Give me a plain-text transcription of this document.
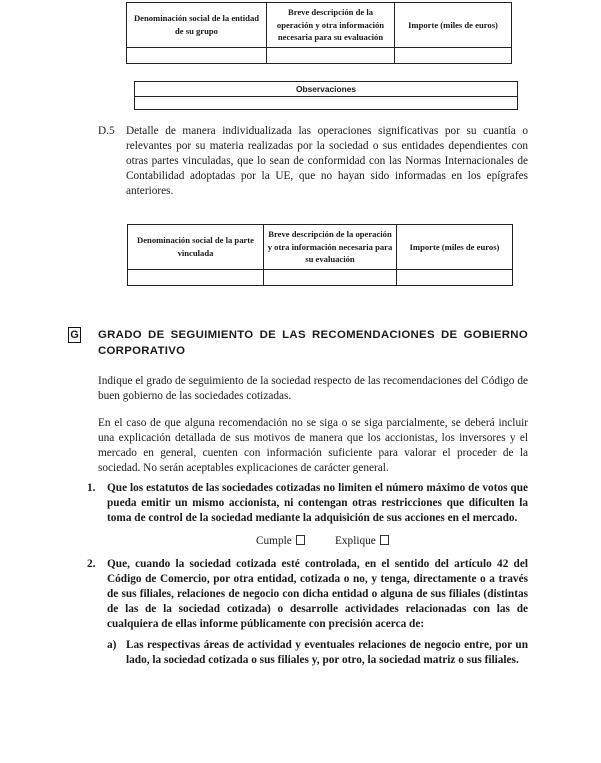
Denominación social de la entidad de su grupo	Breve descripción de la operación y otra información necesaria para su evaluación	Importe (miles de euros)

Observaciones

D.5 Detalle de manera individualizada las operaciones significativas por su cuantía o relevantes por su materia realizadas por la sociedad o sus entidades dependientes con otras partes vinculadas, que lo sean de conformidad con las Normas Internacionales de Contabilidad adoptadas por la UE, que no hayan sido informadas en los epígrafes anteriores.
Denominación social de la parte vinculada	Breve descripción de la operación y otra información necesaria para su evaluación	Importe (miles de euros)

G GRADO DE SEGUIMIENTO DE LAS RECOMENDACIONES DE GOBIERNO CORPORATIVO
Indique el grado de seguimiento de la sociedad respecto de las recomendaciones del Código de buen gobierno de las sociedades cotizadas.
En el caso de que alguna recomendación no se siga o se siga parcialmente, se deberá incluir una explicación detallada de sus motivos de manera que los accionistas, los inversores y el mercado en general, cuenten con información suficiente para valorar el proceder de la sociedad. No serán aceptables explicaciones de carácter general.
1. Que los estatutos de las sociedades cotizadas no limiten el número máximo de votos que pueda emitir un mismo accionista, ni contengan otras restricciones que dificulten la toma de control de la sociedad mediante la adquisición de sus acciones en el mercado.
Cumple	Explique
2. Que, cuando la sociedad cotizada esté controlada, en el sentido del artículo 42 del Código de Comercio, por otra entidad, cotizada o no, y tenga, directamente o a través de sus filiales, relaciones de negocio con dicha entidad o alguna de sus filiales (distintas de las de la sociedad cotizada) o desarrolle actividades relacionadas con las de cualquiera de ellas informe públicamente con precisión acerca de:
a) Las respectivas áreas de actividad y eventuales relaciones de negocio entre, por un lado, la sociedad cotizada o sus filiales y, por otro, la sociedad matriz o sus filiales.
